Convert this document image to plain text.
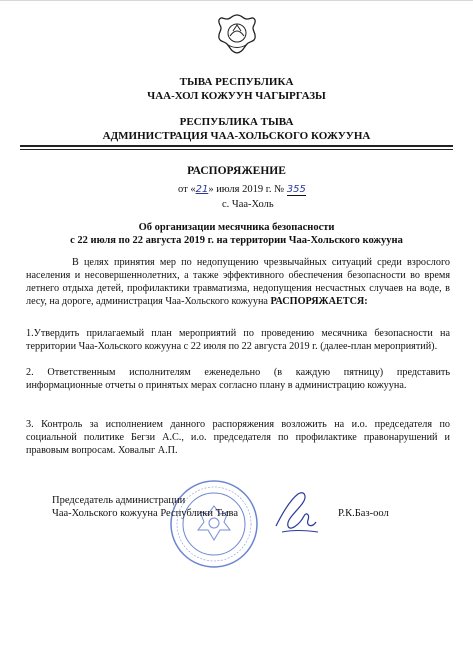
ТЫВА РЕСПУБЛИКА
ЧАА-ХОЛ КОЖУУН ЧАГЫРГАЗЫ
РЕСПУБЛИКА ТЫВА
АДМИНИСТРАЦИЯ ЧАА-ХОЛЬСКОГО КОЖУУНА
РАСПОРЯЖЕНИЕ
от «21» июля 2019 г. № 355
с. Чаа-Холь
Об организации месячника безопасности
с 22 июля по 22 августа 2019 г. на территории Чаа-Хольского кожууна
В целях принятия мер по недопущению чрезвычайных ситуаций среди взрослого населения и несовершеннолетних, а также эффективного обеспечения безопасности во время летнего отдыха детей, профилактики травматизма, недопущения несчастных случаев на воде, в лесу, на дороге, администрация Чаа-Хольского кожууна РАСПОРЯЖАЕТСЯ:
1.Утвердить прилагаемый план мероприятий по проведению месячника безопасности на территории Чаа-Хольского кожууна с 22 июля по 22 августа 2019 г. (далее-план мероприятий).
2. Ответственным исполнителям еженедельно (в каждую пятницу) представить информационные отчеты о принятых мерах согласно плану в администрацию кожууна.
3. Контроль за исполнением данного распоряжения возложить на и.о. председателя по социальной политике Бегзи А.С., и.о. председателя по профилактике правонарушений и правовым вопросам. Ховалыг А.П.
Председатель администрации
Чаа-Хольского кожууна Республики Тыва	Р.К.Баз-оол
